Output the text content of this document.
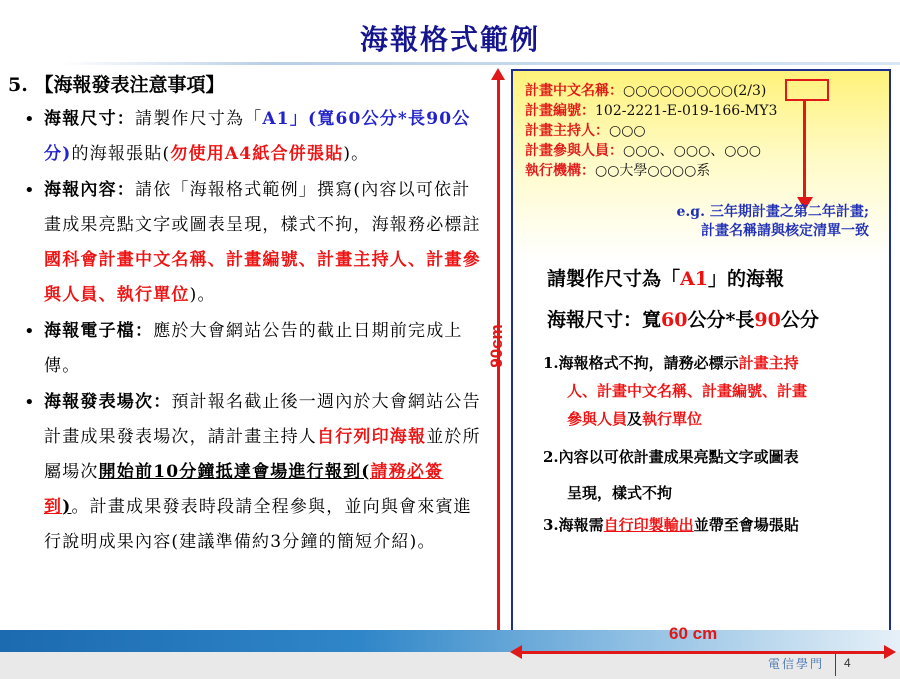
海報格式範例
5. 【海報發表注意事項】
• 海報尺寸：請製作尺寸為「A1」(寬60公分*長90公分)的海報張貼(勿使用A4紙合併張貼)。
• 海報內容：請依「海報格式範例」撰寫(內容以可依計畫成果亮點文字或圖表呈現，樣式不拘，海報務必標註國科會計畫中文名稱、計畫編號、計畫主持人、計畫參與人員、執行單位)。
• 海報電子檔：應於大會網站公告的截止日期前完成上傳。
• 海報發表場次：預計報名截止後一週內於大會網站公告計畫成果發表場次，請計畫主持人自行列印海報並於所屬場次開始前10分鐘抵達會場進行報到(請務必簽到)。計畫成果發表時段請全程參與，並向與會來賓進行說明成果內容(建議準備約3分鐘的簡短介紹)。
90cm
計畫中文名稱：○○○○○○○○○(2/3)
計畫編號：102-2221-E-019-166-MY3
計畫主持人：○○○
計畫參與人員：○○○、○○○、○○○
執行機構：○○大學○○○○系
e.g. 三年期計畫之第二年計畫;
計畫名稱請與核定清單一致
請製作尺寸為「A1」的海報
海報尺寸：寬60公分*長90公分
1.海報格式不拘，請務必標示計畫主持
人、計畫中文名稱、計畫編號、計畫
參與人員及執行單位
2.內容以可依計畫成果亮點文字或圖表
呈現，樣式不拘
3.海報需自行印製輸出並帶至會場張貼
60 cm
電信學門 4
